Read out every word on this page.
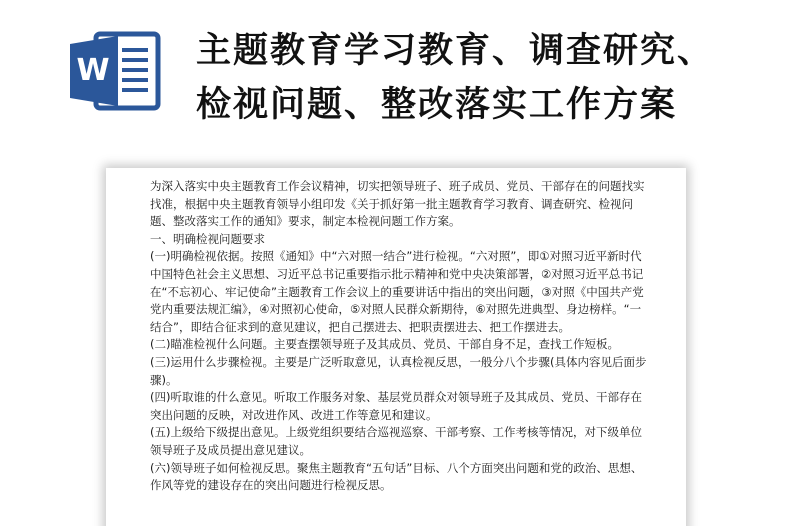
W 主题教育学习教育、调查研究、
检视问题、整改落实工作方案

为深入落实中央主题教育工作会议精神，切实把领导班子、班子成员、党员、干部存在的问题找实找准，根据中央主题教育领导小组印发《关于抓好第一批主题教育学习教育、调查研究、检视问题、整改落实工作的通知》要求，制定本检视问题工作方案。

一、明确检视问题要求

(一)明确检视依据。按照《通知》中“六对照一结合”进行检视。“六对照”，即①对照习近平新时代中国特色社会主义思想、习近平总书记重要指示批示精神和党中央决策部署，②对照习近平总书记在“不忘初心、牢记使命”主题教育工作会议上的重要讲话中指出的突出问题，③对照《中国共产党党内重要法规汇编》，④对照初心使命，⑤对照人民群众新期待，⑥对照先进典型、身边榜样。“一结合”，即结合征求到的意见建议，把自己摆进去、把职责摆进去、把工作摆进去。

(二)瞄准检视什么问题。主要查摆领导班子及其成员、党员、干部自身不足，查找工作短板。

(三)运用什么步骤检视。主要是广泛听取意见，认真检视反思，一般分八个步骤(具体内容见后面步骤)。

(四)听取谁的什么意见。听取工作服务对象、基层党员群众对领导班子及其成员、党员、干部存在突出问题的反映，对改进作风、改进工作等意见和建议。

(五)上级给下级提出意见。上级党组织要结合巡视巡察、干部考察、工作考核等情况，对下级单位领导班子及成员提出意见建议。

(六)领导班子如何检视反思。聚焦主题教育“五句话”目标、八个方面突出问题和党的政治、思想、作风等党的建设存在的突出问题进行检视反思。
